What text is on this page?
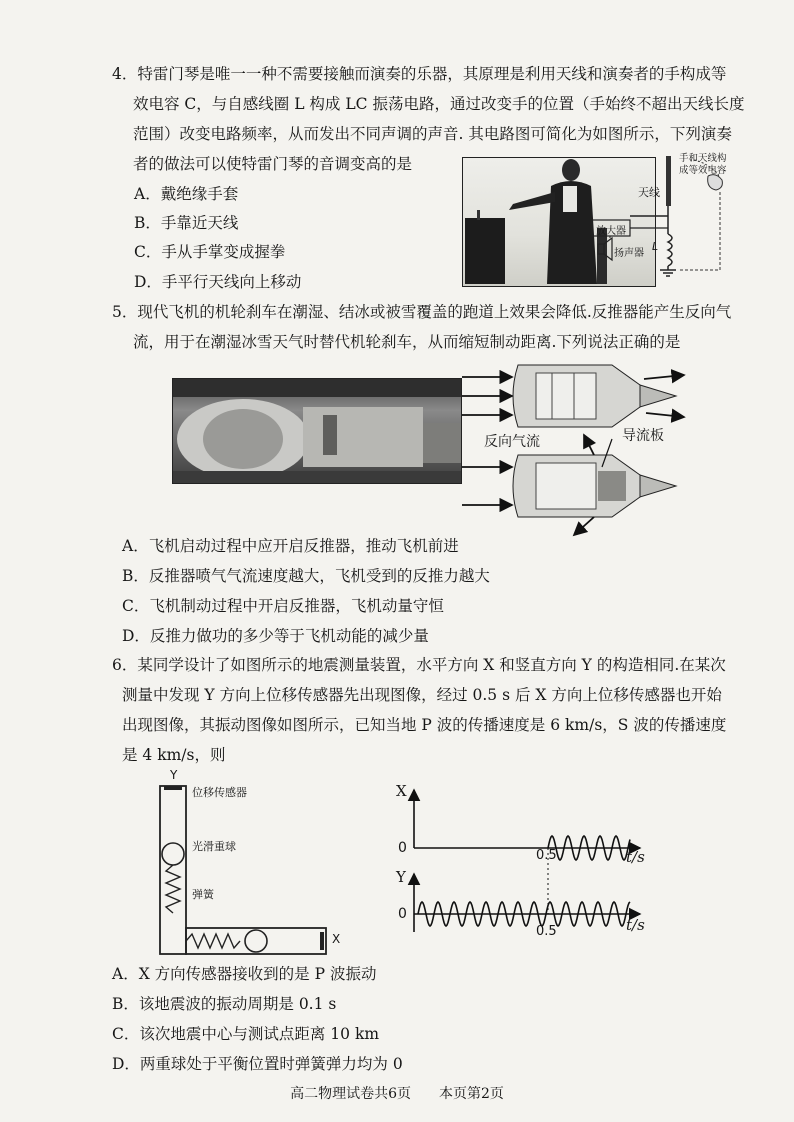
4．特雷门琴是唯一一种不需要接触而演奏的乐器，其原理是利用天线和演奏者的手构成等
效电容 C，与自感线圈 L 构成 LC 振荡电路，通过改变手的位置（手始终不超出天线长度
范围）改变电路频率，从而发出不同声调的声音. 其电路图可简化为如图所示，下列演奏
者的做法可以使特雷门琴的音调变高的是
A．戴绝缘手套
B．手靠近天线
C．手从手掌变成握拳
D．手平行天线向上移动
天线
手和天线构
成等效电容
放大器
扬声器
L
5．现代飞机的机轮刹车在潮湿、结冰或被雪覆盖的跑道上效果会降低.反推器能产生反向气
流，用于在潮湿冰雪天气时替代机轮刹车，从而缩短制动距离.下列说法正确的是
反向气流	导流板
A．飞机启动过程中应开启反推器，推动飞机前进
B．反推器喷气气流速度越大，飞机受到的反推力越大
C．飞机制动过程中开启反推器，飞机动量守恒
D．反推力做功的多少等于飞机动能的减少量
6．某同学设计了如图所示的地震测量装置，水平方向 X 和竖直方向 Y 的构造相同.在某次
测量中发现 Y 方向上位移传感器先出现图像，经过 0.5 s 后 X 方向上位移传感器也开始
出现图像，其振动图像如图所示，已知当地 P 波的传播速度是 6 km/s，S 波的传播速度
是 4 km/s，则
Y
X
位移传感器
光滑重球
弹簧
X
0	0.5	t/s
Y
0
0.5	t/s
A．X 方向传感器接收到的是 P 波振动
B．该地震波的振动周期是 0.1 s
C．该次地震中心与测试点距离 10 km
D．两重球处于平衡位置时弹簧弹力均为 0
高二物理试卷共6页　　本页第2页
